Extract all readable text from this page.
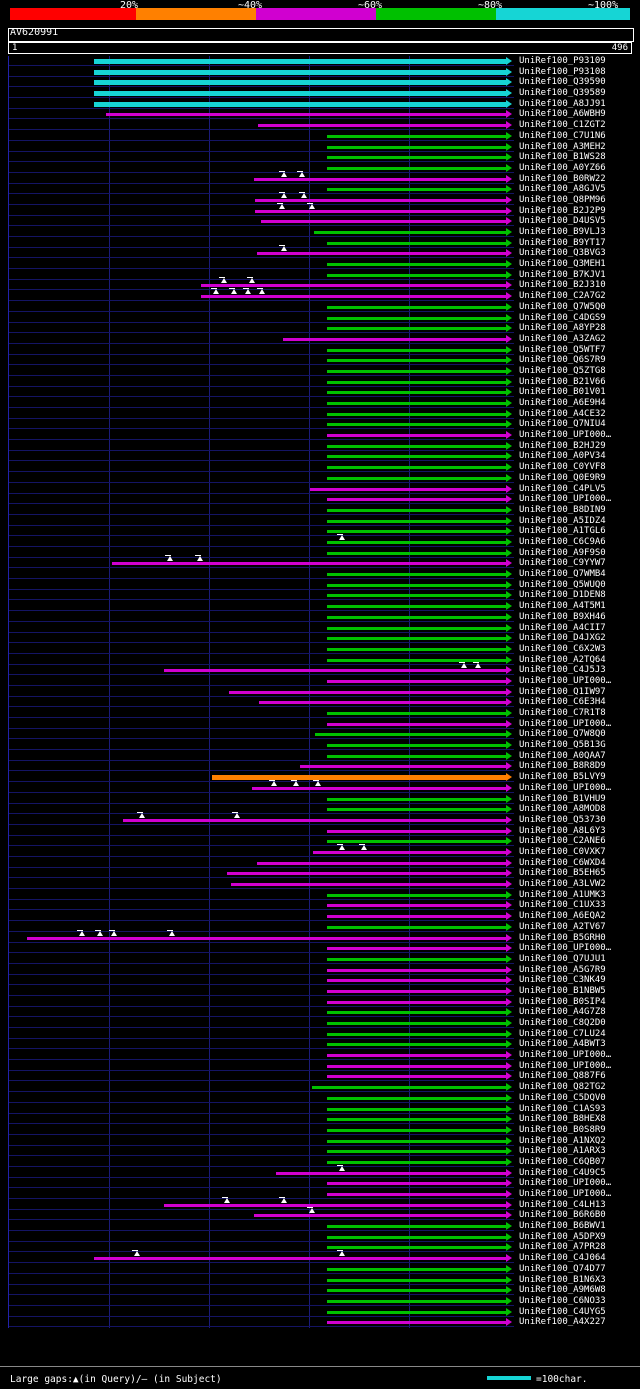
20%	~40%	~60%	~80%	~100%
AV620991
1	496
UniRef100_P93109
UniRef100_P93108
UniRef100_Q39590
UniRef100_Q39589
UniRef100_A8JJ91
UniRef100_A6WBH9
UniRef100_C1ZGT2
UniRef100_C7U1N6
UniRef100_A3MEH2
UniRef100_B1WS28
UniRef100_A0YZ66
UniRef100_B0RW22
UniRef100_A8GJV5
UniRef100_Q8PM96
UniRef100_B2J2P9
UniRef100_D4USV5
UniRef100_B9VLJ3
UniRef100_B9YT17
UniRef100_Q3BVG3
UniRef100_Q3MEH1
UniRef100_B7KJV1
UniRef100_B2J310
UniRef100_C2A7G2
UniRef100_Q7W5Q0
UniRef100_C4DGS9
UniRef100_A8YP28
UniRef100_A3ZAG2
UniRef100_Q5WTF7
UniRef100_Q6S7R9
UniRef100_Q5ZTG8
UniRef100_B21V66
UniRef100_B01V01
UniRef100_A6E9H4
UniRef100_A4CE32
UniRef100_Q7NIU4
UniRef100_UPI000…
UniRef100_B2HJ29
UniRef100_A0PV34
UniRef100_C0YVF8
UniRef100_Q0E9R9
UniRef100_C4PLV5
UniRef100_UPI000…
UniRef100_B8DIN9
UniRef100_A5IDZ4
UniRef100_A1TGL6
UniRef100_C6C9A6
UniRef100_A9F9S0
UniRef100_C9YYW7
UniRef100_Q7WMB4
UniRef100_Q5WUQ0
UniRef100_D1DEN8
UniRef100_A4T5M1
UniRef100_B9XH46
UniRef100_A4CII7
UniRef100_D4JXG2
UniRef100_C6X2W3
UniRef100_A2TQ64
UniRef100_C4J5J3
UniRef100_UPI000…
UniRef100_Q1IW97
UniRef100_C6E3H4
UniRef100_C7R1T8
UniRef100_UPI000…
UniRef100_Q7W8Q0
UniRef100_Q5B13G
UniRef100_A0QAA7
UniRef100_B8R8D9
UniRef100_B5LVY9
UniRef100_UPI000…
UniRef100_B1VHU9
UniRef100_A8MOD8
UniRef100_Q53730
UniRef100_A8L6Y3
UniRef100_C2ANE6
UniRef100_C0VXK7
UniRef100_C6WXD4
UniRef100_B5EH65
UniRef100_A3LVW2
UniRef100_A1UMK3
UniRef100_C1UX33
UniRef100_A6EQA2
UniRef100_A2TV67
UniRef100_B5GRH0
UniRef100_UPI000…
UniRef100_Q7UJU1
UniRef100_A5G7R9
UniRef100_C3NK49
UniRef100_B1NBW5
UniRef100_B0SIP4
UniRef100_A4G7Z8
UniRef100_C8Q2D0
UniRef100_C7LU24
UniRef100_A4BWT3
UniRef100_UPI000…
UniRef100_UPI000…
UniRef100_Q887F6
UniRef100_Q82TG2
UniRef100_C5DQV0
UniRef100_C1AS93
UniRef100_B8HEX8
UniRef100_B0S8R9
UniRef100_A1NXQ2
UniRef100_A1ARX3
UniRef100_C6QB07
UniRef100_C4U9C5
UniRef100_UPI000…
UniRef100_UPI000…
UniRef100_C4LH13
UniRef100_B6R6B0
UniRef100_B6BWV1
UniRef100_A5DPX9
UniRef100_A7PR28
UniRef100_C4J064
UniRef100_Q74D77
UniRef100_B1N6X3
UniRef100_A9M6W8
UniRef100_C6NO33
UniRef100_C4UYG5
UniRef100_A4X227
Large gaps:▲(in Query)/– (in Subject)	=100char.
